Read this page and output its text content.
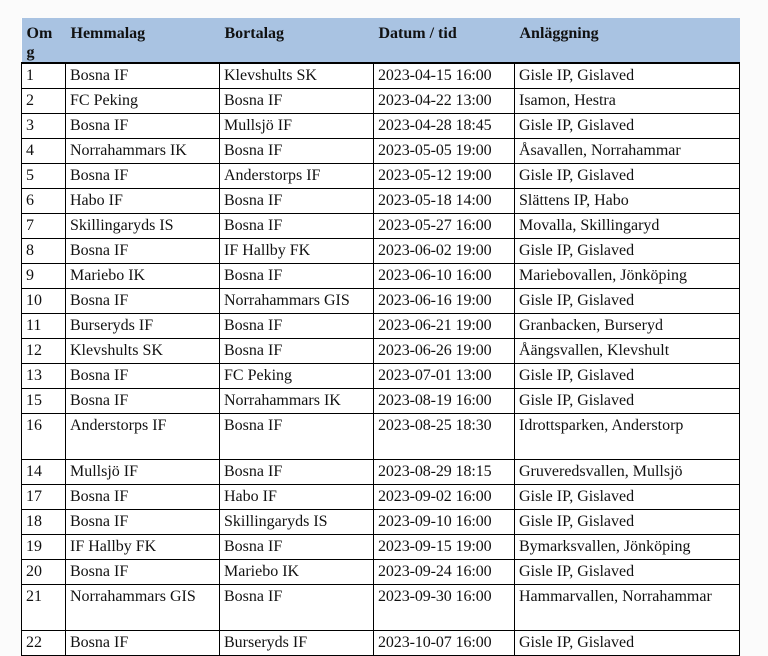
Om g	Hemmalag	Bortalag	Datum / tid	Anläggning
1	Bosna IF	Klevshults SK	2023-04-15 16:00	Gisle IP, Gislaved
2	FC Peking	Bosna IF	2023-04-22 13:00	Isamon, Hestra
3	Bosna IF	Mullsjö IF	2023-04-28 18:45	Gisle IP, Gislaved
4	Norrahammars IK	Bosna IF	2023-05-05 19:00	Åsavallen, Norrahammar
5	Bosna IF	Anderstorps IF	2023-05-12 19:00	Gisle IP, Gislaved
6	Habo IF	Bosna IF	2023-05-18 14:00	Slättens IP, Habo
7	Skillingaryds IS	Bosna IF	2023-05-27 16:00	Movalla, Skillingaryd
8	Bosna IF	IF Hallby FK	2023-06-02 19:00	Gisle IP, Gislaved
9	Mariebo IK	Bosna IF	2023-06-10 16:00	Mariebovallen, Jönköping
10	Bosna IF	Norrahammars GIS	2023-06-16 19:00	Gisle IP, Gislaved
11	Burseryds IF	Bosna IF	2023-06-21 19:00	Granbacken, Burseryd
12	Klevshults SK	Bosna IF	2023-06-26 19:00	Åängsvallen, Klevshult
13	Bosna IF	FC Peking	2023-07-01 13:00	Gisle IP, Gislaved
15	Bosna IF	Norrahammars IK	2023-08-19 16:00	Gisle IP, Gislaved
16	Anderstorps IF	Bosna IF	2023-08-25 18:30	Idrottsparken, Anderstorp
14	Mullsjö IF	Bosna IF	2023-08-29 18:15	Gruveredsvallen, Mullsjö
17	Bosna IF	Habo IF	2023-09-02 16:00	Gisle IP, Gislaved
18	Bosna IF	Skillingaryds IS	2023-09-10 16:00	Gisle IP, Gislaved
19	IF Hallby FK	Bosna IF	2023-09-15 19:00	Bymarksvallen, Jönköping
20	Bosna IF	Mariebo IK	2023-09-24 16:00	Gisle IP, Gislaved
21	Norrahammars GIS	Bosna IF	2023-09-30 16:00	Hammarvallen, Norrahammar
22	Bosna IF	Burseryds IF	2023-10-07 16:00	Gisle IP, Gislaved
